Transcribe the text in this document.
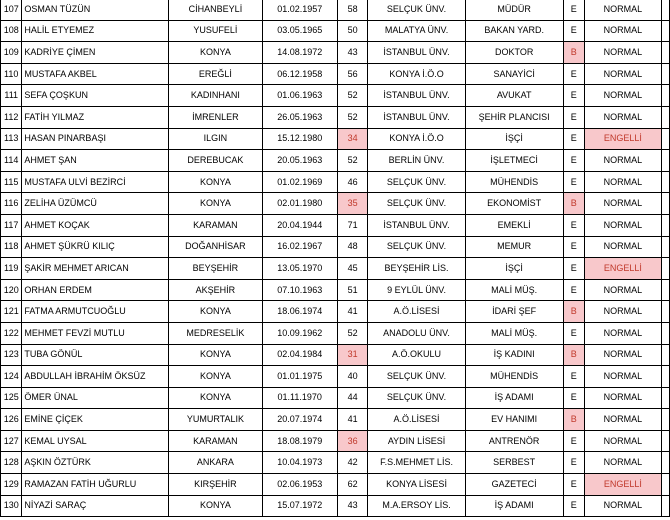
107	OSMAN TÜZÜN	CİHANBEYLİ	01.02.1957	58	SELÇUK ÜNV.	MÜDÜR	E	NORMAL	
108	HALİL ETYEMEZ	YUSUFELİ	03.05.1965	50	MALATYA ÜNV.	BAKAN YARD.	E	NORMAL	
109	KADRİYE ÇİMEN	KONYA	14.08.1972	43	İSTANBUL ÜNV.	DOKTOR	B	NORMAL	
110	MUSTAFA AKBEL	EREĞLİ	06.12.1958	56	KONYA İ.Ö.O	SANAYİCİ	E	NORMAL	
111	SEFA ÇOŞKUN	KADINHANI	01.06.1963	52	İSTANBUL ÜNV.	AVUKAT	E	NORMAL	
112	FATİH YILMAZ	İMRENLER	26.05.1963	52	İSTANBUL ÜNV.	ŞEHİR PLANCISI	E	NORMAL	
113	HASAN PINARBAŞI	ILGIN	15.12.1980	34	KONYA İ.Ö.O	İŞÇİ	E	ENGELLİ	
114	AHMET ŞAN	DEREBUCAK	20.05.1963	52	BERLİN ÜNV.	İŞLETMECİ	E	NORMAL	
115	MUSTAFA ULVİ BEZİRCİ	KONYA	01.02.1969	46	SELÇUK ÜNV.	MÜHENDİS	E	NORMAL	
116	ZELİHA ÜZÜMCÜ	KONYA	02.01.1980	35	SELÇUK ÜNV.	EKONOMİST	B	NORMAL	
117	AHMET KOÇAK	KARAMAN	20.04.1944	71	İSTANBUL ÜNV.	EMEKLİ	E	NORMAL	
118	AHMET ŞÜKRÜ KILIÇ	DOĞANHİSAR	16.02.1967	48	SELÇUK ÜNV.	MEMUR	E	NORMAL	
119	ŞAKİR MEHMET ARICAN	BEYŞEHİR	13.05.1970	45	BEYŞEHİR LİS.	İŞÇİ	E	ENGELLİ	
120	ORHAN ERDEM	AKŞEHİR	07.10.1963	51	9 EYLÜL ÜNV.	MALİ MÜŞ.	E	NORMAL	
121	FATMA ARMUTCUOĞLU	KONYA	18.06.1974	41	A.Ö.LİSESİ	İDARİ ŞEF	B	NORMAL	
122	MEHMET FEVZİ MUTLU	MEDRESELİK	10.09.1962	52	ANADOLU ÜNV.	MALİ MÜŞ.	E	NORMAL	
123	TUBA GÖNÜL	KONYA	02.04.1984	31	A.Ö.OKULU	İŞ KADINI	B	NORMAL	
124	ABDULLAH İBRAHİM ÖKSÜZ	KONYA	01.01.1975	40	SELÇUK ÜNV.	MÜHENDİS	E	NORMAL	
125	ÖMER ÜNAL	KONYA	01.11.1970	44	SELÇUK ÜNV.	İŞ ADAMI	E	NORMAL	
126	EMİNE ÇİÇEK	YUMURTALIK	20.07.1974	41	A.Ö.LİSESİ	EV HANIMI	B	NORMAL	
127	KEMAL UYSAL	KARAMAN	18.08.1979	36	AYDIN LİSESİ	ANTRENÖR	E	NORMAL	
128	AŞKIN ÖZTÜRK	ANKARA	10.04.1973	42	F.S.MEHMET LİS.	SERBEST	E	NORMAL	
129	RAMAZAN FATİH UĞURLU	KIRŞEHİR	02.06.1953	62	KONYA LİSESİ	GAZETECİ	E	ENGELLİ	
130	NİYAZİ SARAÇ	KONYA	15.07.1972	43	M.A.ERSOY LİS.	İŞ ADAMI	E	NORMAL	
